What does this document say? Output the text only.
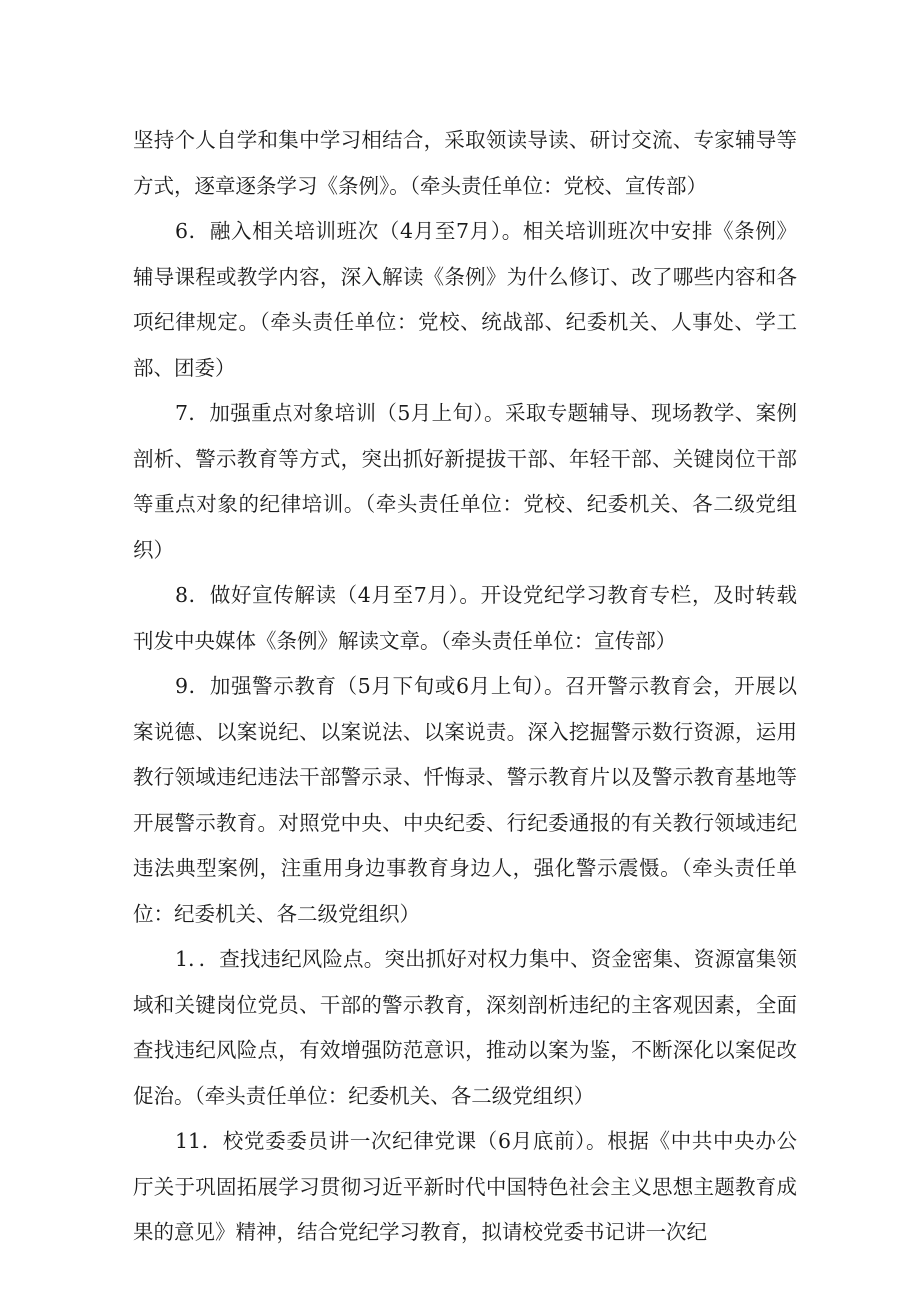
坚持个人自学和集中学习相结合，采取领读导读、研讨交流、专家辅导等方式，逐章逐条学习《条例》。（牵头责任单位：党校、宣传部）

6．融入相关培训班次（4月至7月）。相关培训班次中安排《条例》辅导课程或教学内容，深入解读《条例》为什么修订、改了哪些内容和各项纪律规定。（牵头责任单位：党校、统战部、纪委机关、人事处、学工部、团委）

7．加强重点对象培训（5月上旬）。采取专题辅导、现场教学、案例剖析、警示教育等方式，突出抓好新提拔干部、年轻干部、关键岗位干部等重点对象的纪律培训。（牵头责任单位：党校、纪委机关、各二级党组织）

8．做好宣传解读（4月至7月）。开设党纪学习教育专栏，及时转载刊发中央媒体《条例》解读文章。（牵头责任单位：宣传部）

9．加强警示教育（5月下旬或6月上旬）。召开警示教育会，开展以案说德、以案说纪、以案说法、以案说责。深入挖掘警示数行资源，运用教行领域违纪违法干部警示录、忏悔录、警示教育片以及警示教育基地等开展警示教育。对照党中央、中央纪委、行纪委通报的有关教行领域违纪违法典型案例，注重用身边事教育身边人，强化警示震慑。（牵头责任单位：纪委机关、各二级党组织）

1．．查找违纪风险点。突出抓好对权力集中、资金密集、资源富集领域和关键岗位党员、干部的警示教育，深刻剖析违纪的主客观因素，全面查找违纪风险点，有效增强防范意识，推动以案为鉴，不断深化以案促改促治。（牵头责任单位：纪委机关、各二级党组织）

11．校党委委员讲一次纪律党课（6月底前）。根据《中共中央办公厅关于巩固拓展学习贯彻习近平新时代中国特色社会主义思想主题教育成果的意见》精神，结合党纪学习教育，拟请校党委书记讲一次纪
